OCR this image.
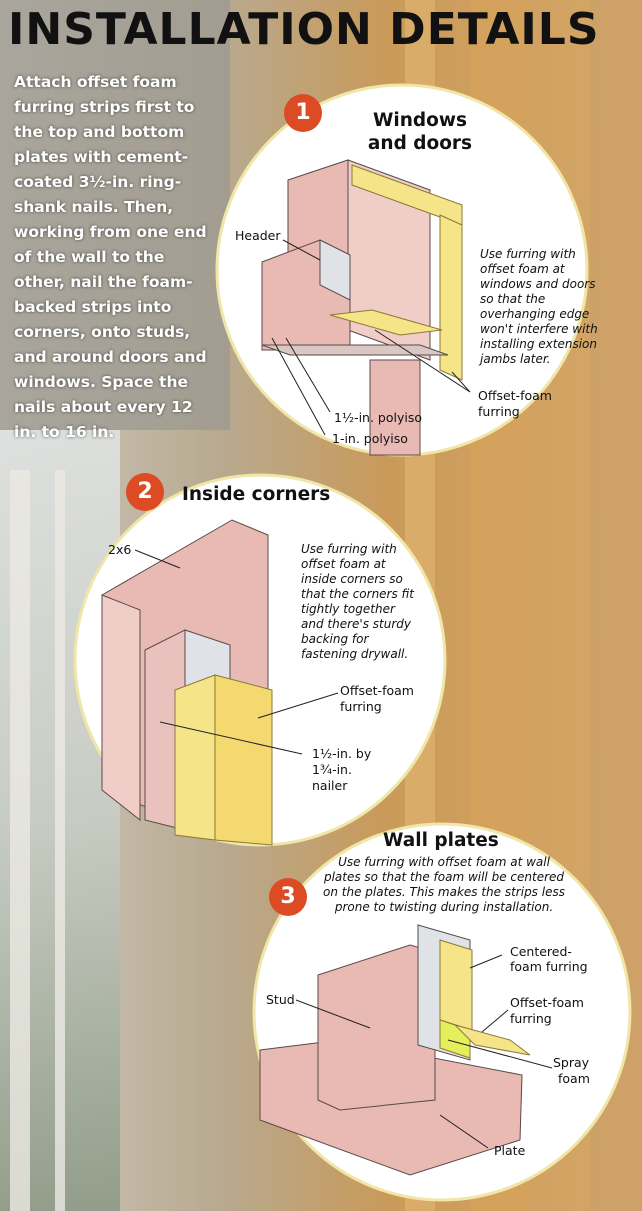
INSTALLATION DETAILS
Attach offset foam furring strips first to the top and bottom plates with cement-coated 3½-in. ring-shank nails. Then, working from one end of the wall to the other, nail the foam-backed strips into corners, onto studs, and around doors and windows. Space the nails about every 12 in. to 16 in.
1
2
3
Windows
and doors
Header
Use furring with offset foam at windows and doors so that the overhanging edge won't interfere with installing extension jambs later.
Offset-foam
furring
1½-in. polyiso
1-in. polyiso
Inside corners
2x6	Use furring with offset foam at inside corners so that the corners fit tightly together and there's sturdy backing for fastening drywall.
Offset-foam
furring
1½-in. by
1¾-in.
nailer
Wall plates
Use furring with offset foam at wall plates so that the foam will be centered on the plates. This makes the strips less prone to twisting during installation.
Stud
Centered-
foam furring
Offset-foam
furring
Spray
foam
Plate
